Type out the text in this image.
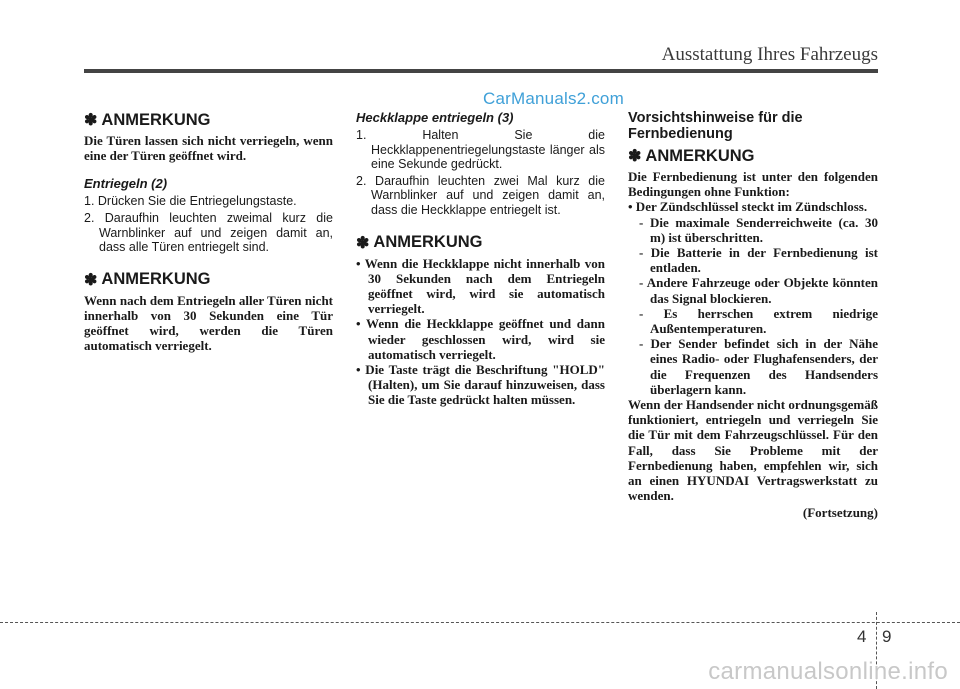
Ausstattung Ihres Fahrzeugs
CarManuals2.com
✽ ANMERKUNG

Die Türen lassen sich nicht verriegeln, wenn eine der Türen geöffnet wird.

Entriegeln (2)
1. Drücken Sie die Entriegelungstaste.
2. Daraufhin leuchten zweimal kurz die Warnblinker auf und zeigen damit an, dass alle Türen entriegelt sind.
✽ ANMERKUNG

Wenn nach dem Entriegeln aller Türen nicht innerhalb von 30 Sekunden eine Tür geöffnet wird, werden die Türen automatisch verriegelt.

Heckklappe entriegeln (3)
1. Halten Sie die Heckklappenentriegelungstaste länger als eine Sekunde gedrückt.
2. Daraufhin leuchten zwei Mal kurz die Warnblinker auf und zeigen damit an, dass die Heckklappe entriegelt ist.
✽ ANMERKUNG
• Wenn die Heckklappe nicht innerhalb von 30 Sekunden nach dem Entriegeln geöffnet wird, wird sie automatisch verriegelt.
• Wenn die Heckklappe geöffnet und dann wieder geschlossen wird, wird sie automatisch verriegelt.
• Die Taste trägt die Beschriftung "HOLD" (Halten), um Sie darauf hinzuweisen, dass Sie die Taste gedrückt halten müssen.
Vorsichtshinweise für die Fernbedienung
✽ ANMERKUNG

Die Fernbedienung ist unter den folgenden Bedingungen ohne Funktion:

• Der Zündschlüssel steckt im Zündschloss.
- Die maximale Senderreichweite (ca. 30 m) ist überschritten.
- Die Batterie in der Fernbedienung ist entladen.
- Andere Fahrzeuge oder Objekte könnten das Signal blockieren.
- Es herrschen extrem niedrige Außentemperaturen.
- Der Sender befindet sich in der Nähe eines Radio- oder Flughafensenders, der die Frequenzen des Handsenders überlagern kann.

Wenn der Handsender nicht ordnungsgemäß funktioniert, entriegeln und verriegeln Sie die Tür mit dem Fahrzeugschlüssel. Für den Fall, dass Sie Probleme mit der Fernbedienung haben, empfehlen wir, sich an einen HYUNDAI Vertragswerkstatt zu wenden.

(Fortsetzung)
4 9
carmanualsonline.info
